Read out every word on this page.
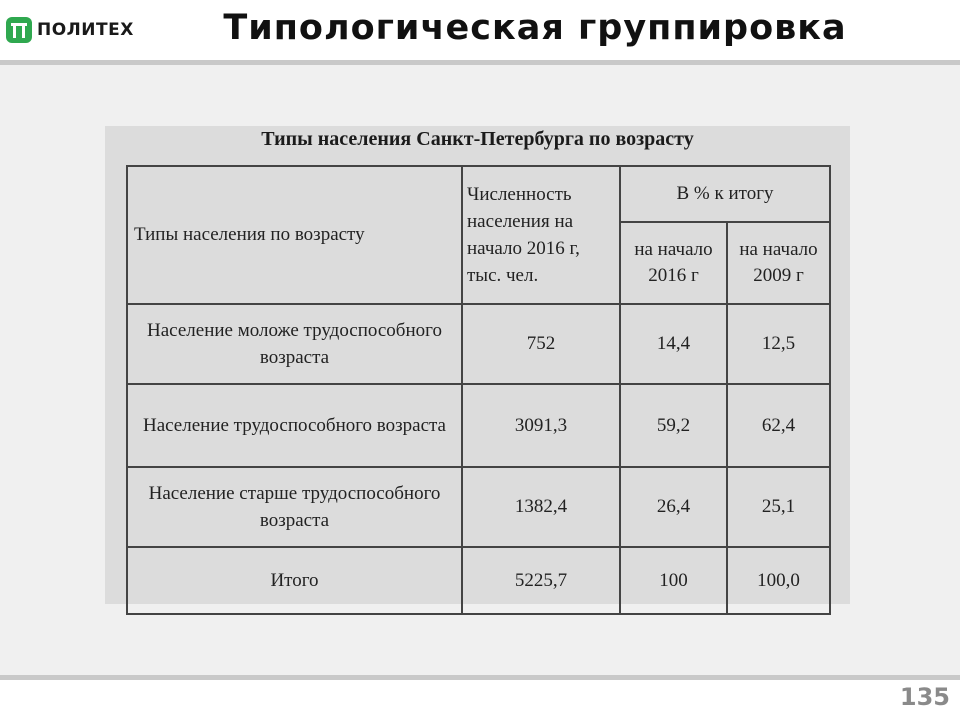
ПОЛИТЕХ	Типологическая группировка
Типы населения Санкт-Петербурга по возрасту
Типы населения по возрасту	Численность населения на начало 2016 г, тыс. чел.	В % к итогу	
		на начало 2016 г	на начало 2009 г
Население моложе трудоспособного возраста	752	14,4	12,5
Население трудоспособного возраста	3091,3	59,2	62,4
Население старше трудоспособного возраста	1382,4	26,4	25,1
Итого	5225,7	100	100,0
135
